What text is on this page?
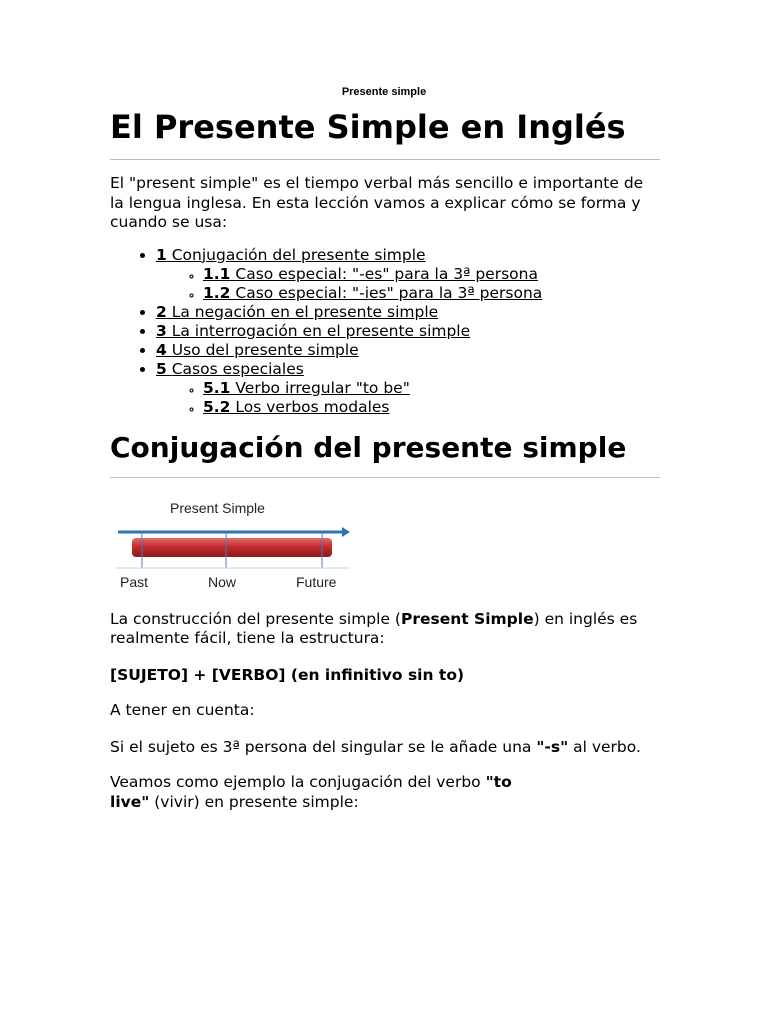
Presente simple
El Presente Simple en Inglés

El "present simple" es el tiempo verbal más sencillo e importante de la lengua inglesa. En esta lección vamos a explicar cómo se forma y cuando se usa:

• 1 Conjugación del presente simple
◦ 1.1 Caso especial: "-es" para la 3ª persona
◦ 1.2 Caso especial: "-ies" para la 3ª persona
• 2 La negación en el presente simple
• 3 La interrogación en el presente simple
• 4 Uso del presente simple
• 5 Casos especiales
◦ 5.1 Verbo irregular "to be"
◦ 5.2 Los verbos modales
Conjugación del presente simple
Present Simple
Past	Now	Future

La construcción del presente simple (Present Simple) en inglés es realmente fácil, tiene la estructura:

[SUJETO] + [VERBO] (en infinitivo sin to)

A tener en cuenta:

Si el sujeto es 3ª persona del singular se le añade una "-s" al verbo.

Veamos como ejemplo la conjugación del verbo "to
live" (vivir) en presente simple:
